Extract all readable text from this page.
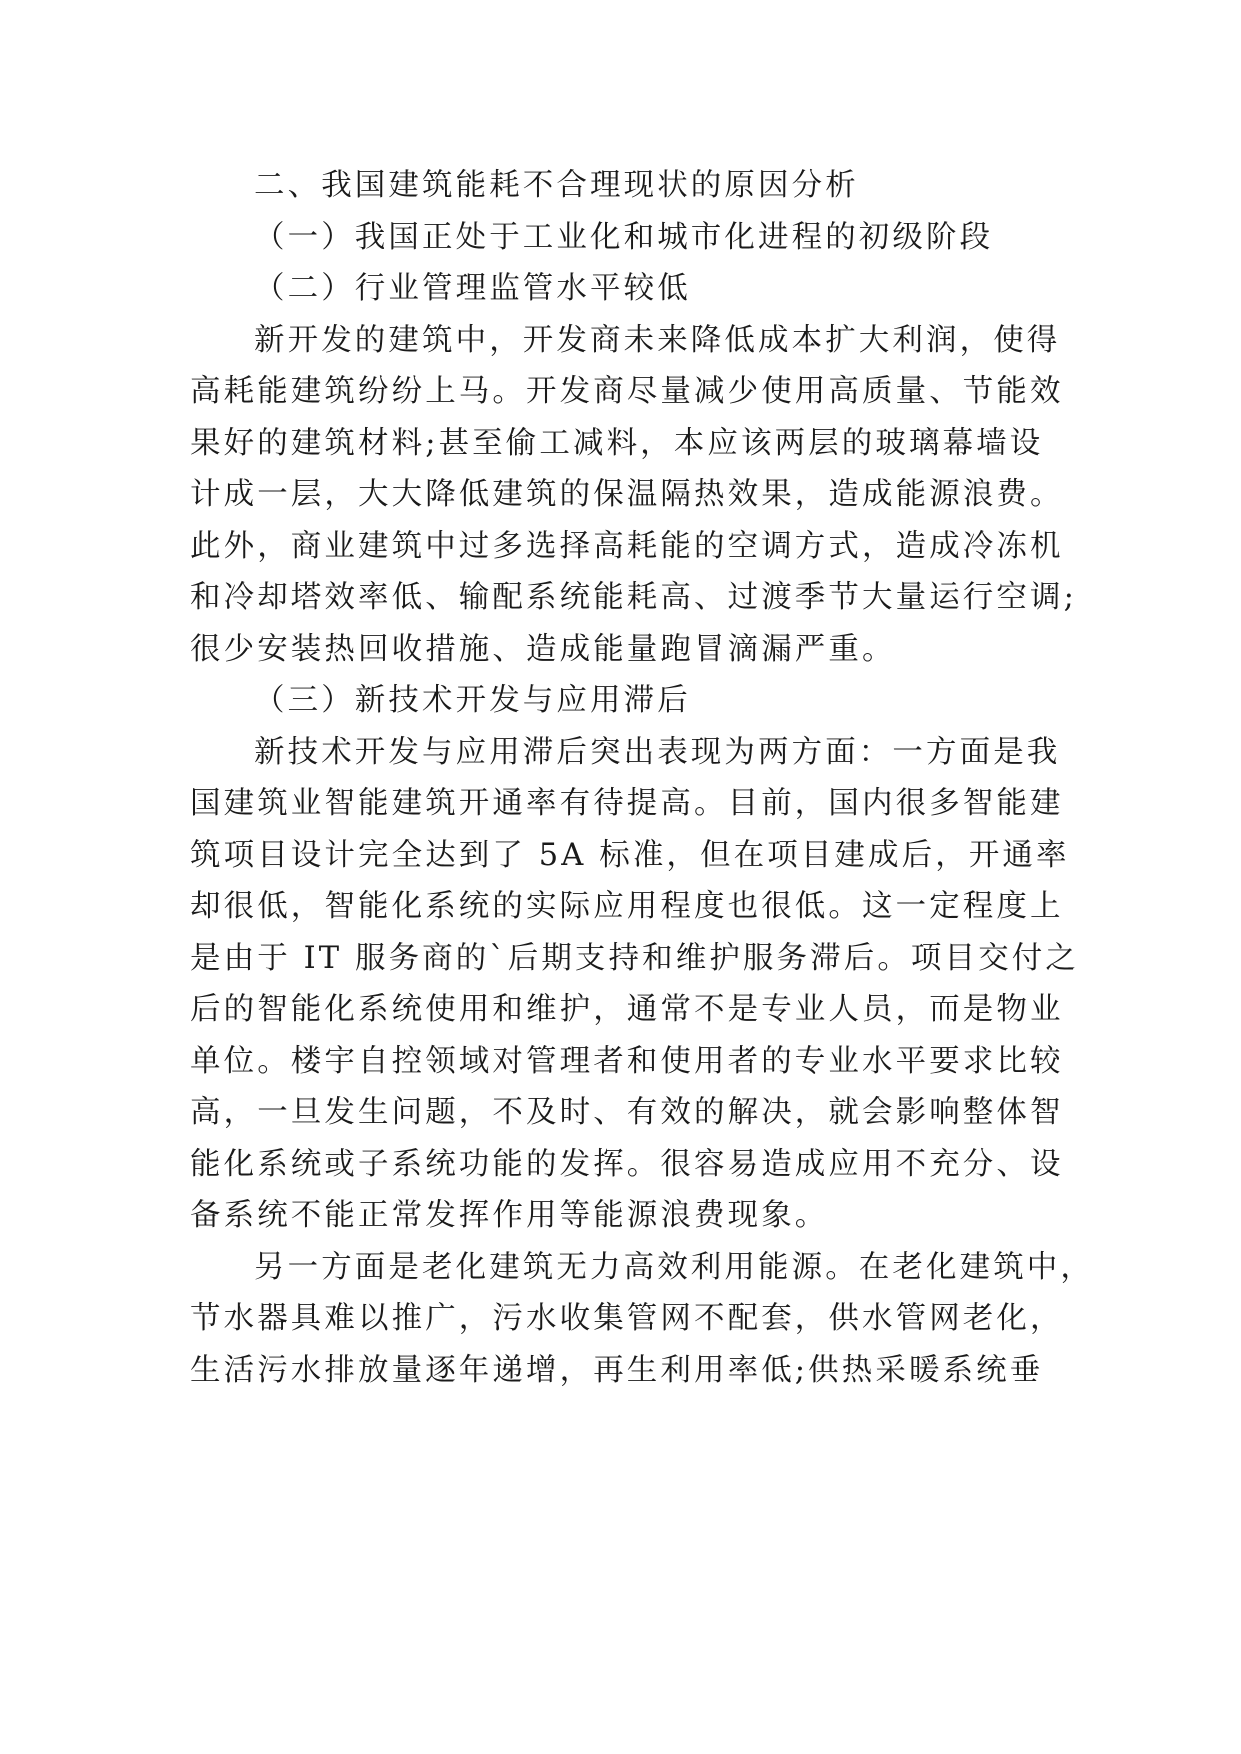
二、我国建筑能耗不合理现状的原因分析

（一）我国正处于工业化和城市化进程的初级阶段

（二）行业管理监管水平较低

新开发的建筑中，开发商未来降低成本扩大利润，使得

高耗能建筑纷纷上马。开发商尽量减少使用高质量、节能效

果好的建筑材料;甚至偷工减料，本应该两层的玻璃幕墙设

计成一层，大大降低建筑的保温隔热效果，造成能源浪费。

此外，商业建筑中过多选择高耗能的空调方式，造成冷冻机

和冷却塔效率低、输配系统能耗高、过渡季节大量运行空调;

很少安装热回收措施、造成能量跑冒滴漏严重。

（三）新技术开发与应用滞后

新技术开发与应用滞后突出表现为两方面：一方面是我

国建筑业智能建筑开通率有待提高。目前，国内很多智能建

筑项目设计完全达到了 5A 标准，但在项目建成后，开通率

却很低，智能化系统的实际应用程度也很低。这一定程度上

是由于 IT 服务商的`后期支持和维护服务滞后。项目交付之

后的智能化系统使用和维护，通常不是专业人员，而是物业

单位。楼宇自控领域对管理者和使用者的专业水平要求比较

高，一旦发生问题，不及时、有效的解决，就会影响整体智

能化系统或子系统功能的发挥。很容易造成应用不充分、设

备系统不能正常发挥作用等能源浪费现象。

另一方面是老化建筑无力高效利用能源。在老化建筑中，

节水器具难以推广，污水收集管网不配套，供水管网老化，

生活污水排放量逐年递增，再生利用率低;供热采暖系统垂
